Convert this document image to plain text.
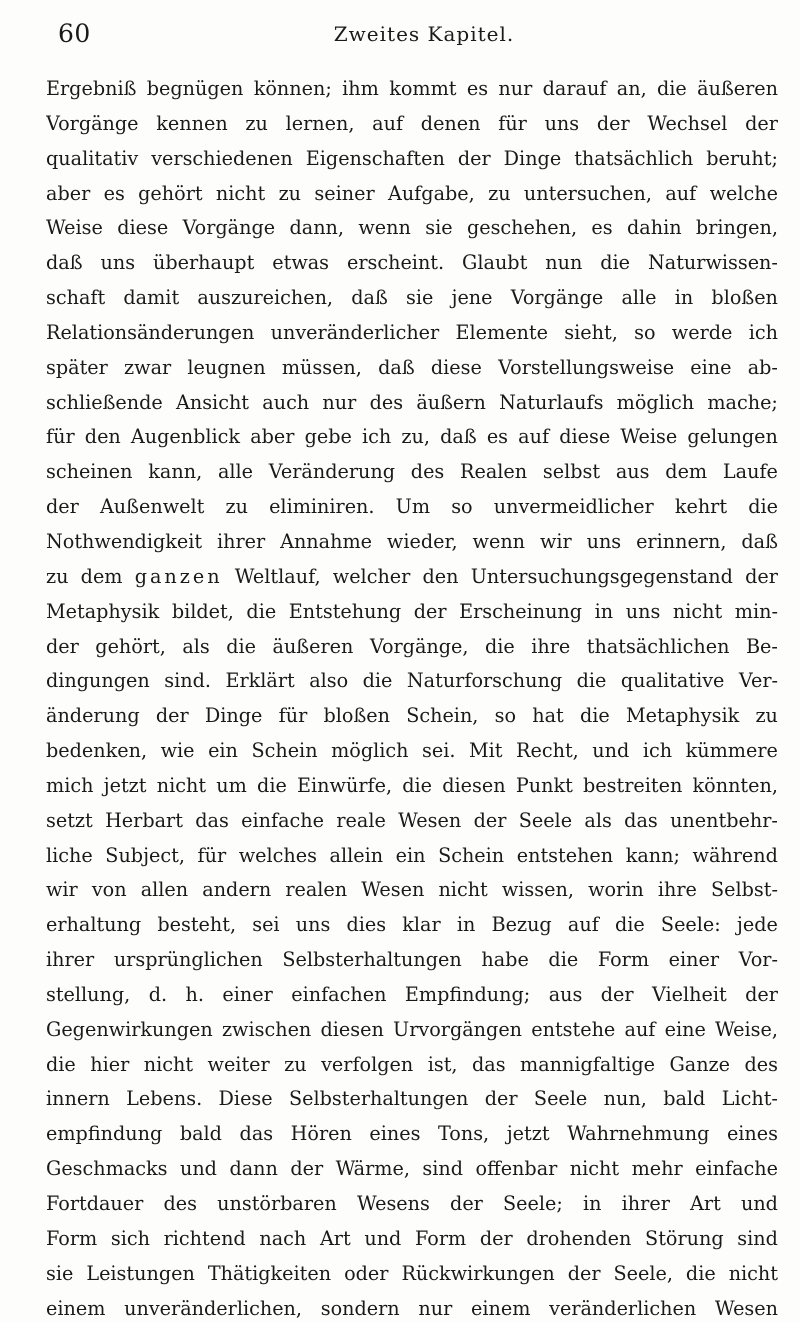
60	Zweites Kapitel.
Ergebniß begnügen können; ihm kommt es nur darauf an, die äußeren
Vorgänge kennen zu lernen, auf denen für uns der Wechsel der
qualitativ verschiedenen Eigenschaften der Dinge thatsächlich beruht;
aber es gehört nicht zu seiner Aufgabe, zu untersuchen, auf welche
Weise diese Vorgänge dann, wenn sie geschehen, es dahin bringen,
daß uns überhaupt etwas erscheint. Glaubt nun die Naturwissen-
schaft damit auszureichen, daß sie jene Vorgänge alle in bloßen
Relationsänderungen unveränderlicher Elemente sieht, so werde ich
später zwar leugnen müssen, daß diese Vorstellungsweise eine ab-
schließende Ansicht auch nur des äußern Naturlaufs möglich mache;
für den Augenblick aber gebe ich zu, daß es auf diese Weise gelungen
scheinen kann, alle Veränderung des Realen selbst aus dem Laufe
der Außenwelt zu eliminiren. Um so unvermeidlicher kehrt die
Nothwendigkeit ihrer Annahme wieder, wenn wir uns erinnern, daß
zu dem ganzen Weltlauf, welcher den Untersuchungsgegenstand der
Metaphysik bildet, die Entstehung der Erscheinung in uns nicht min-
der gehört, als die äußeren Vorgänge, die ihre thatsächlichen Be-
dingungen sind. Erklärt also die Naturforschung die qualitative Ver-
änderung der Dinge für bloßen Schein, so hat die Metaphysik zu
bedenken, wie ein Schein möglich sei. Mit Recht, und ich kümmere
mich jetzt nicht um die Einwürfe, die diesen Punkt bestreiten könnten,
setzt Herbart das einfache reale Wesen der Seele als das unentbehr-
liche Subject, für welches allein ein Schein entstehen kann; während
wir von allen andern realen Wesen nicht wissen, worin ihre Selbst-
erhaltung besteht, sei uns dies klar in Bezug auf die Seele: jede
ihrer ursprünglichen Selbsterhaltungen habe die Form einer Vor-
stellung, d. h. einer einfachen Empfindung; aus der Vielheit der
Gegenwirkungen zwischen diesen Urvorgängen entstehe auf eine Weise,
die hier nicht weiter zu verfolgen ist, das mannigfaltige Ganze des
innern Lebens. Diese Selbsterhaltungen der Seele nun, bald Licht-
empfindung bald das Hören eines Tons, jetzt Wahrnehmung eines
Geschmacks und dann der Wärme, sind offenbar nicht mehr einfache
Fortdauer des unstörbaren Wesens der Seele; in ihrer Art und
Form sich richtend nach Art und Form der drohenden Störung sind
sie Leistungen Thätigkeiten oder Rückwirkungen der Seele, die nicht
einem unveränderlichen, sondern nur einem veränderlichen Wesen
